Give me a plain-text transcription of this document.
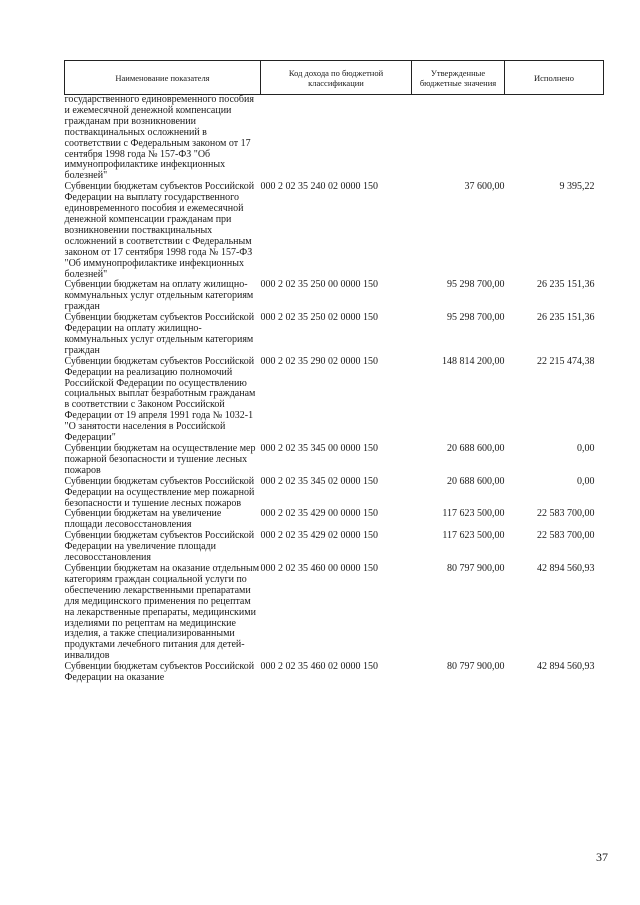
Наименование показателя	Код дохода по бюджетной классификации	Утвержденные бюджетные значения	Исполнено
государственного единовременного пособия и ежемесячной денежной компенсации гражданам при возникновении поствакцинальных осложнений в соответствии с Федеральным законом от 17 сентября 1998 года № 157-ФЗ "Об иммунопрофилактике инфекционных болезней"			
Субвенции бюджетам субъектов Российской Федерации на выплату государственного единовременного пособия и ежемесячной денежной компенсации гражданам при возникновении поствакцинальных осложнений в соответствии с Федеральным законом от 17 сентября 1998 года № 157-ФЗ "Об иммунопрофилактике инфекционных болезней"	000 2 02 35 240 02 0000 150	37 600,00	9 395,22
Субвенции бюджетам на оплату жилищно-коммунальных услуг отдельным категориям граждан	000 2 02 35 250 00 0000 150	95 298 700,00	26 235 151,36
Субвенции бюджетам субъектов Российской Федерации на оплату жилищно-коммунальных услуг отдельным категориям граждан	000 2 02 35 250 02 0000 150	95 298 700,00	26 235 151,36
Субвенции бюджетам субъектов Российской Федерации на реализацию полномочий Российской Федерации по осуществлению социальных выплат безработным гражданам в соответствии с Законом Российской Федерации от 19 апреля 1991 года № 1032-1 "О занятости населения в Российской Федерации"	000 2 02 35 290 02 0000 150	148 814 200,00	22 215 474,38
Субвенции бюджетам на осуществление мер пожарной безопасности и тушение лесных пожаров	000 2 02 35 345 00 0000 150	20 688 600,00	0,00
Субвенции бюджетам субъектов Российской Федерации на осуществление мер пожарной безопасности и тушение лесных пожаров	000 2 02 35 345 02 0000 150	20 688 600,00	0,00
Субвенции бюджетам на увеличение площади лесовосстановления	000 2 02 35 429 00 0000 150	117 623 500,00	22 583 700,00
Субвенции бюджетам субъектов Российской Федерации на увеличение площади лесовосстановления	000 2 02 35 429 02 0000 150	117 623 500,00	22 583 700,00
Субвенции бюджетам на оказание отдельным категориям граждан социальной услуги по обеспечению лекарственными препаратами для медицинского применения по рецептам на лекарственные препараты, медицинскими изделиями по рецептам на медицинские изделия, а также специализированными продуктами лечебного питания для детей-инвалидов	000 2 02 35 460 00 0000 150	80 797 900,00	42 894 560,93
Субвенции бюджетам субъектов Российской Федерации на оказание	000 2 02 35 460 02 0000 150	80 797 900,00	42 894 560,93
37
